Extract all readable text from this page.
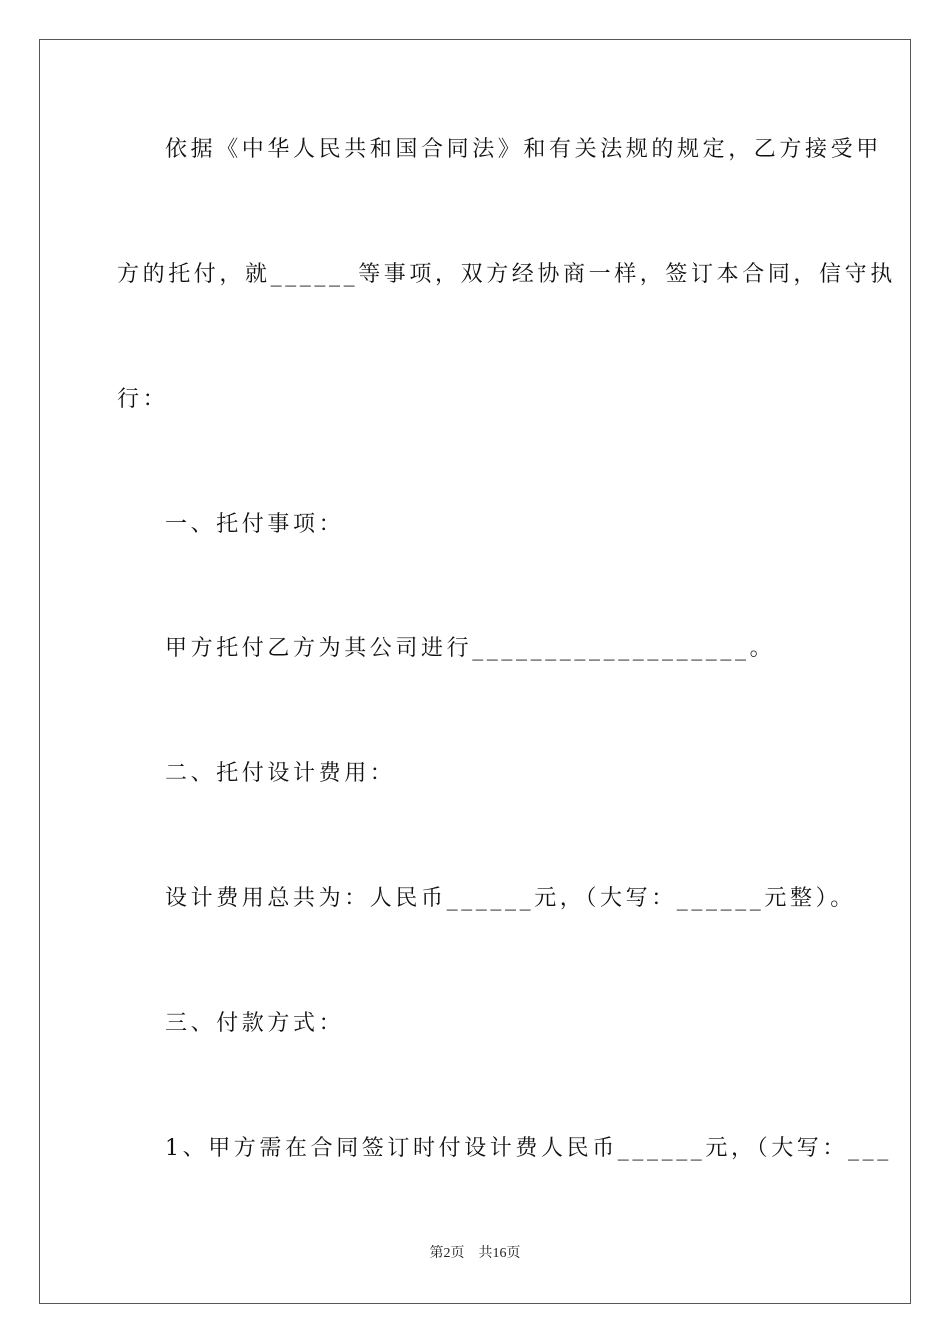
依据《中华人民共和国合同法》和有关法规的规定，乙方接受甲
方的托付，就______等事项，双方经协商一样，签订本合同，信守执
行：
一、托付事项：
甲方托付乙方为其公司进行___________________。
二、托付设计费用：
设计费用总共为：人民币______元，（大写：______元整）。
三、付款方式：
1、甲方需在合同签订时付设计费人民币______元，（大写：___
第2页 共16页
